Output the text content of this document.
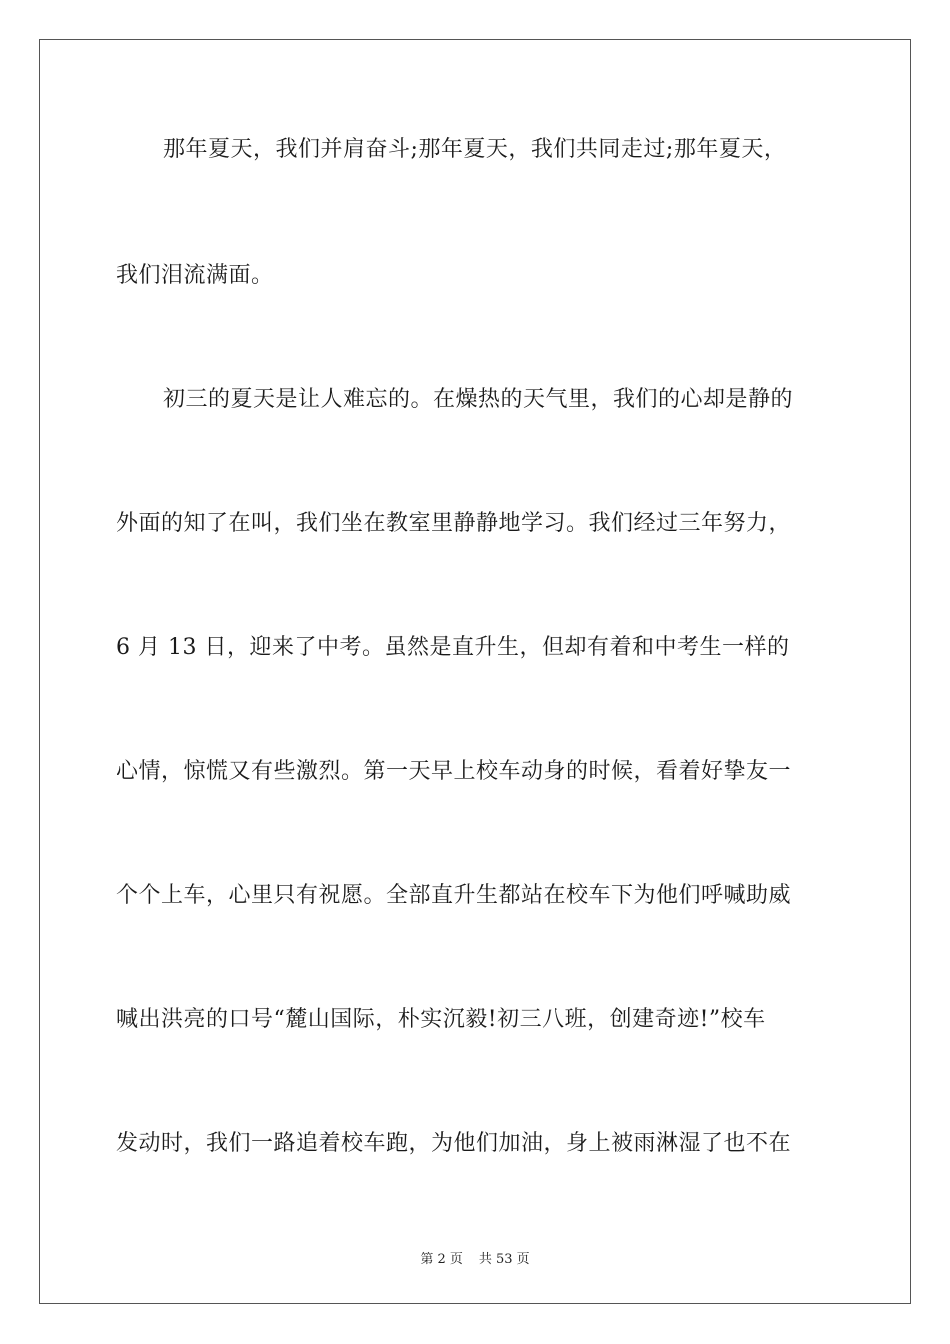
那年夏天，我们并肩奋斗;那年夏天，我们共同走过;那年夏天，
我们泪流满面。
初三的夏天是让人难忘的。在燥热的天气里，我们的心却是静的
外面的知了在叫，我们坐在教室里静静地学习。我们经过三年努力，
6 月 13 日，迎来了中考。虽然是直升生，但却有着和中考生一样的
心情，惊慌又有些激烈。第一天早上校车动身的时候，看着好挚友一
个个上车，心里只有祝愿。全部直升生都站在校车下为他们呼喊助威
喊出洪亮的口号“麓山国际，朴实沉毅!初三八班，创建奇迹!”校车
发动时，我们一路追着校车跑，为他们加油，身上被雨淋湿了也不在
第 2 页 共 53 页
